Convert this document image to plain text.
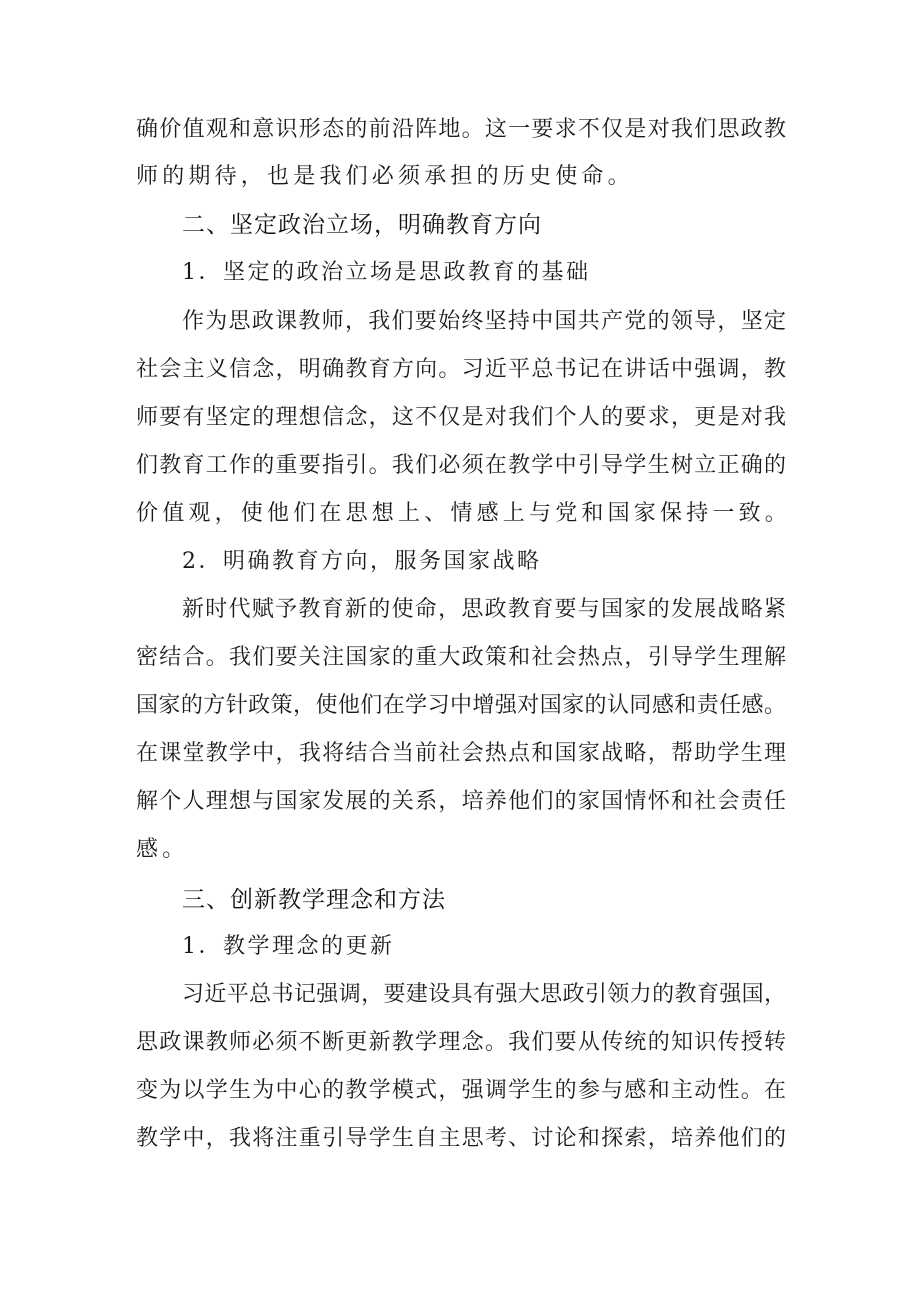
确价值观和意识形态的前沿阵地。这一要求不仅是对我们思政教
师的期待，也是我们必须承担的历史使命。
二、坚定政治立场，明确教育方向
1．坚定的政治立场是思政教育的基础
作为思政课教师，我们要始终坚持中国共产党的领导，坚定
社会主义信念，明确教育方向。习近平总书记在讲话中强调，教
师要有坚定的理想信念，这不仅是对我们个人的要求，更是对我
们教育工作的重要指引。我们必须在教学中引导学生树立正确的
价值观，使他们在思想上、情感上与党和国家保持一致。
2．明确教育方向，服务国家战略
新时代赋予教育新的使命，思政教育要与国家的发展战略紧
密结合。我们要关注国家的重大政策和社会热点，引导学生理解
国家的方针政策，使他们在学习中增强对国家的认同感和责任感。
在课堂教学中，我将结合当前社会热点和国家战略，帮助学生理
解个人理想与国家发展的关系，培养他们的家国情怀和社会责任
感。
三、创新教学理念和方法
1．教学理念的更新
习近平总书记强调，要建设具有强大思政引领力的教育强国，
思政课教师必须不断更新教学理念。我们要从传统的知识传授转
变为以学生为中心的教学模式，强调学生的参与感和主动性。在
教学中，我将注重引导学生自主思考、讨论和探索，培养他们的
